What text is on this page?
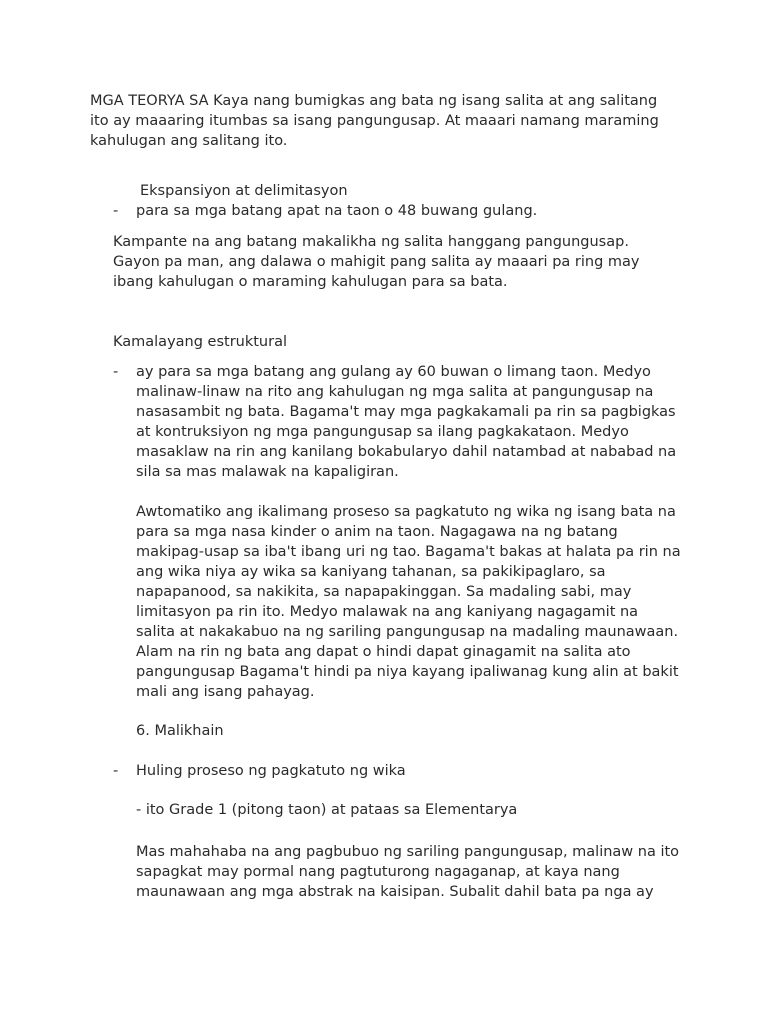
MGA TEORYA SA Kaya nang bumigkas ang bata ng isang salita at ang salitang
ito ay maaaring itumbas sa isang pangungusap. At maaari namang maraming
kahulugan ang salitang ito.
Ekspansiyon at delimitasyon
- para sa mga batang apat na taon o 48 buwang gulang.
Kampante na ang batang makalikha ng salita hanggang pangungusap.
Gayon pa man, ang dalawa o mahigit pang salita ay maaari pa ring may
ibang kahulugan o maraming kahulugan para sa bata.
Kamalayang estruktural
- ay para sa mga batang ang gulang ay 60 buwan o limang taon. Medyo
malinaw-linaw na rito ang kahulugan ng mga salita at pangungusap na
nasasambit ng bata. Bagama't may mga pagkakamali pa rin sa pagbigkas
at kontruksiyon ng mga pangungusap sa ilang pagkakataon. Medyo
masaklaw na rin ang kanilang bokabularyo dahil natambad at nababad na
sila sa mas malawak na kapaligiran.
Awtomatiko ang ikalimang proseso sa pagkatuto ng wika ng isang bata na
para sa mga nasa kinder o anim na taon. Nagagawa na ng batang
makipag-usap sa iba't ibang uri ng tao. Bagama't bakas at halata pa rin na
ang wika niya ay wika sa kaniyang tahanan, sa pakikipaglaro, sa
napapanood, sa nakikita, sa napapakinggan. Sa madaling sabi, may
limitasyon pa rin ito. Medyo malawak na ang kaniyang nagagamit na
salita at nakakabuo na ng sariling pangungusap na madaling maunawaan.
Alam na rin ng bata ang dapat o hindi dapat ginagamit na salita ato
pangungusap Bagama't hindi pa niya kayang ipaliwanag kung alin at bakit
mali ang isang pahayag.
6. Malikhain
- Huling proseso ng pagkatuto ng wika
- ito Grade 1 (pitong taon) at pataas sa Elementarya
Mas mahahaba na ang pagbubuo ng sariling pangungusap, malinaw na ito
sapagkat may pormal nang pagtuturong nagaganap, at kaya nang
maunawaan ang mga abstrak na kaisipan. Subalit dahil bata pa nga ay
